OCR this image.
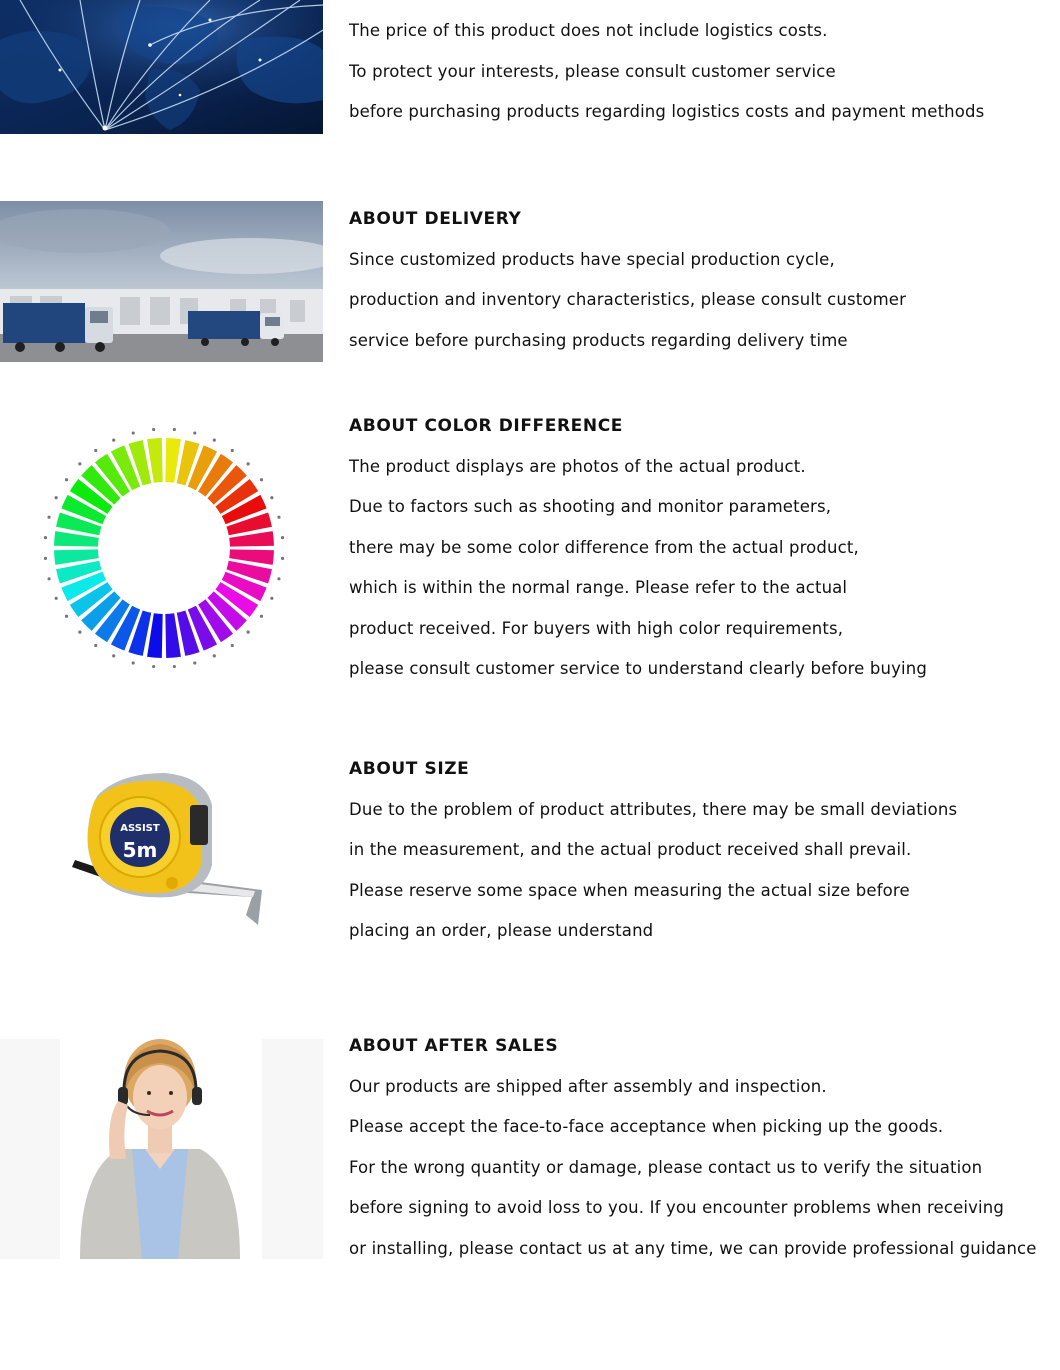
The price of this product does not include logistics costs.
To protect your interests, please consult customer service
before purchasing products regarding logistics costs and payment methods
ABOUT DELIVERY
Since customized products have special production cycle,
production and inventory characteristics, please consult customer
service before purchasing products regarding delivery time
ABOUT COLOR DIFFERENCE
The product displays are photos of the actual product.
Due to factors such as shooting and monitor parameters,
there may be some color difference from the actual product,
which is within the normal range. Please refer to the actual
product received. For buyers with high color requirements,
please consult customer service to understand clearly before buying
ASSIST
5m
ABOUT SIZE
Due to the problem of product attributes, there may be small deviations
in the measurement, and the actual product received shall prevail.
Please reserve some space when measuring the actual size before
placing an order, please understand
ABOUT AFTER SALES
Our products are shipped after assembly and inspection.
Please accept the face-to-face acceptance when picking up the goods.
For the wrong quantity or damage, please contact us to verify the situation
before signing to avoid loss to you. If you encounter problems when receiving
or installing, please contact us at any time, we can provide professional guidance
